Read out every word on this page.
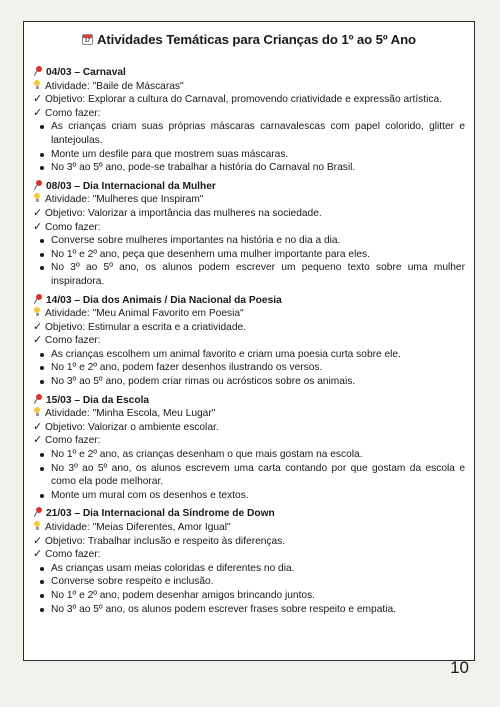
17 Atividades Temáticas para Crianças do 1º ao 5º Ano
04/03 – Carnaval
Atividade: "Baile de Máscaras"
✓ Objetivo: Explorar a cultura do Carnaval, promovendo criatividade e expressão artística.
✓ Como fazer:
As crianças criam suas próprias máscaras carnavalescas com papel colorido, glitter e lantejoulas.
Monte um desfile para que mostrem suas máscaras.
No 3º ao 5º ano, pode-se trabalhar a história do Carnaval no Brasil.
08/03 – Dia Internacional da Mulher
Atividade: "Mulheres que Inspiram"
✓ Objetivo: Valorizar a importância das mulheres na sociedade.
✓ Como fazer:
Converse sobre mulheres importantes na história e no dia a dia.
No 1º e 2º ano, peça que desenhem uma mulher importante para eles.
No 3º ao 5º ano, os alunos podem escrever um pequeno texto sobre uma mulher inspiradora.
14/03 – Dia dos Animais / Dia Nacional da Poesia
Atividade: "Meu Animal Favorito em Poesia"
✓ Objetivo: Estimular a escrita e a criatividade.
✓ Como fazer:
As crianças escolhem um animal favorito e criam uma poesia curta sobre ele.
No 1º e 2º ano, podem fazer desenhos ilustrando os versos.
No 3º ao 5º ano, podem criar rimas ou acrósticos sobre os animais.
15/03 – Dia da Escola
Atividade: "Minha Escola, Meu Lugar"
✓ Objetivo: Valorizar o ambiente escolar.
✓ Como fazer:
No 1º e 2º ano, as crianças desenham o que mais gostam na escola.
No 3º ao 5º ano, os alunos escrevem uma carta contando por que gostam da escola e como ela pode melhorar.
Monte um mural com os desenhos e textos.
21/03 – Dia Internacional da Síndrome de Down
Atividade: "Meias Diferentes, Amor Igual"
✓ Objetivo: Trabalhar inclusão e respeito às diferenças.
✓ Como fazer:
As crianças usam meias coloridas e diferentes no dia.
Converse sobre respeito e inclusão.
No 1º e 2º ano, podem desenhar amigos brincando juntos.
No 3º ao 5º ano, os alunos podem escrever frases sobre respeito e empatia.
10
